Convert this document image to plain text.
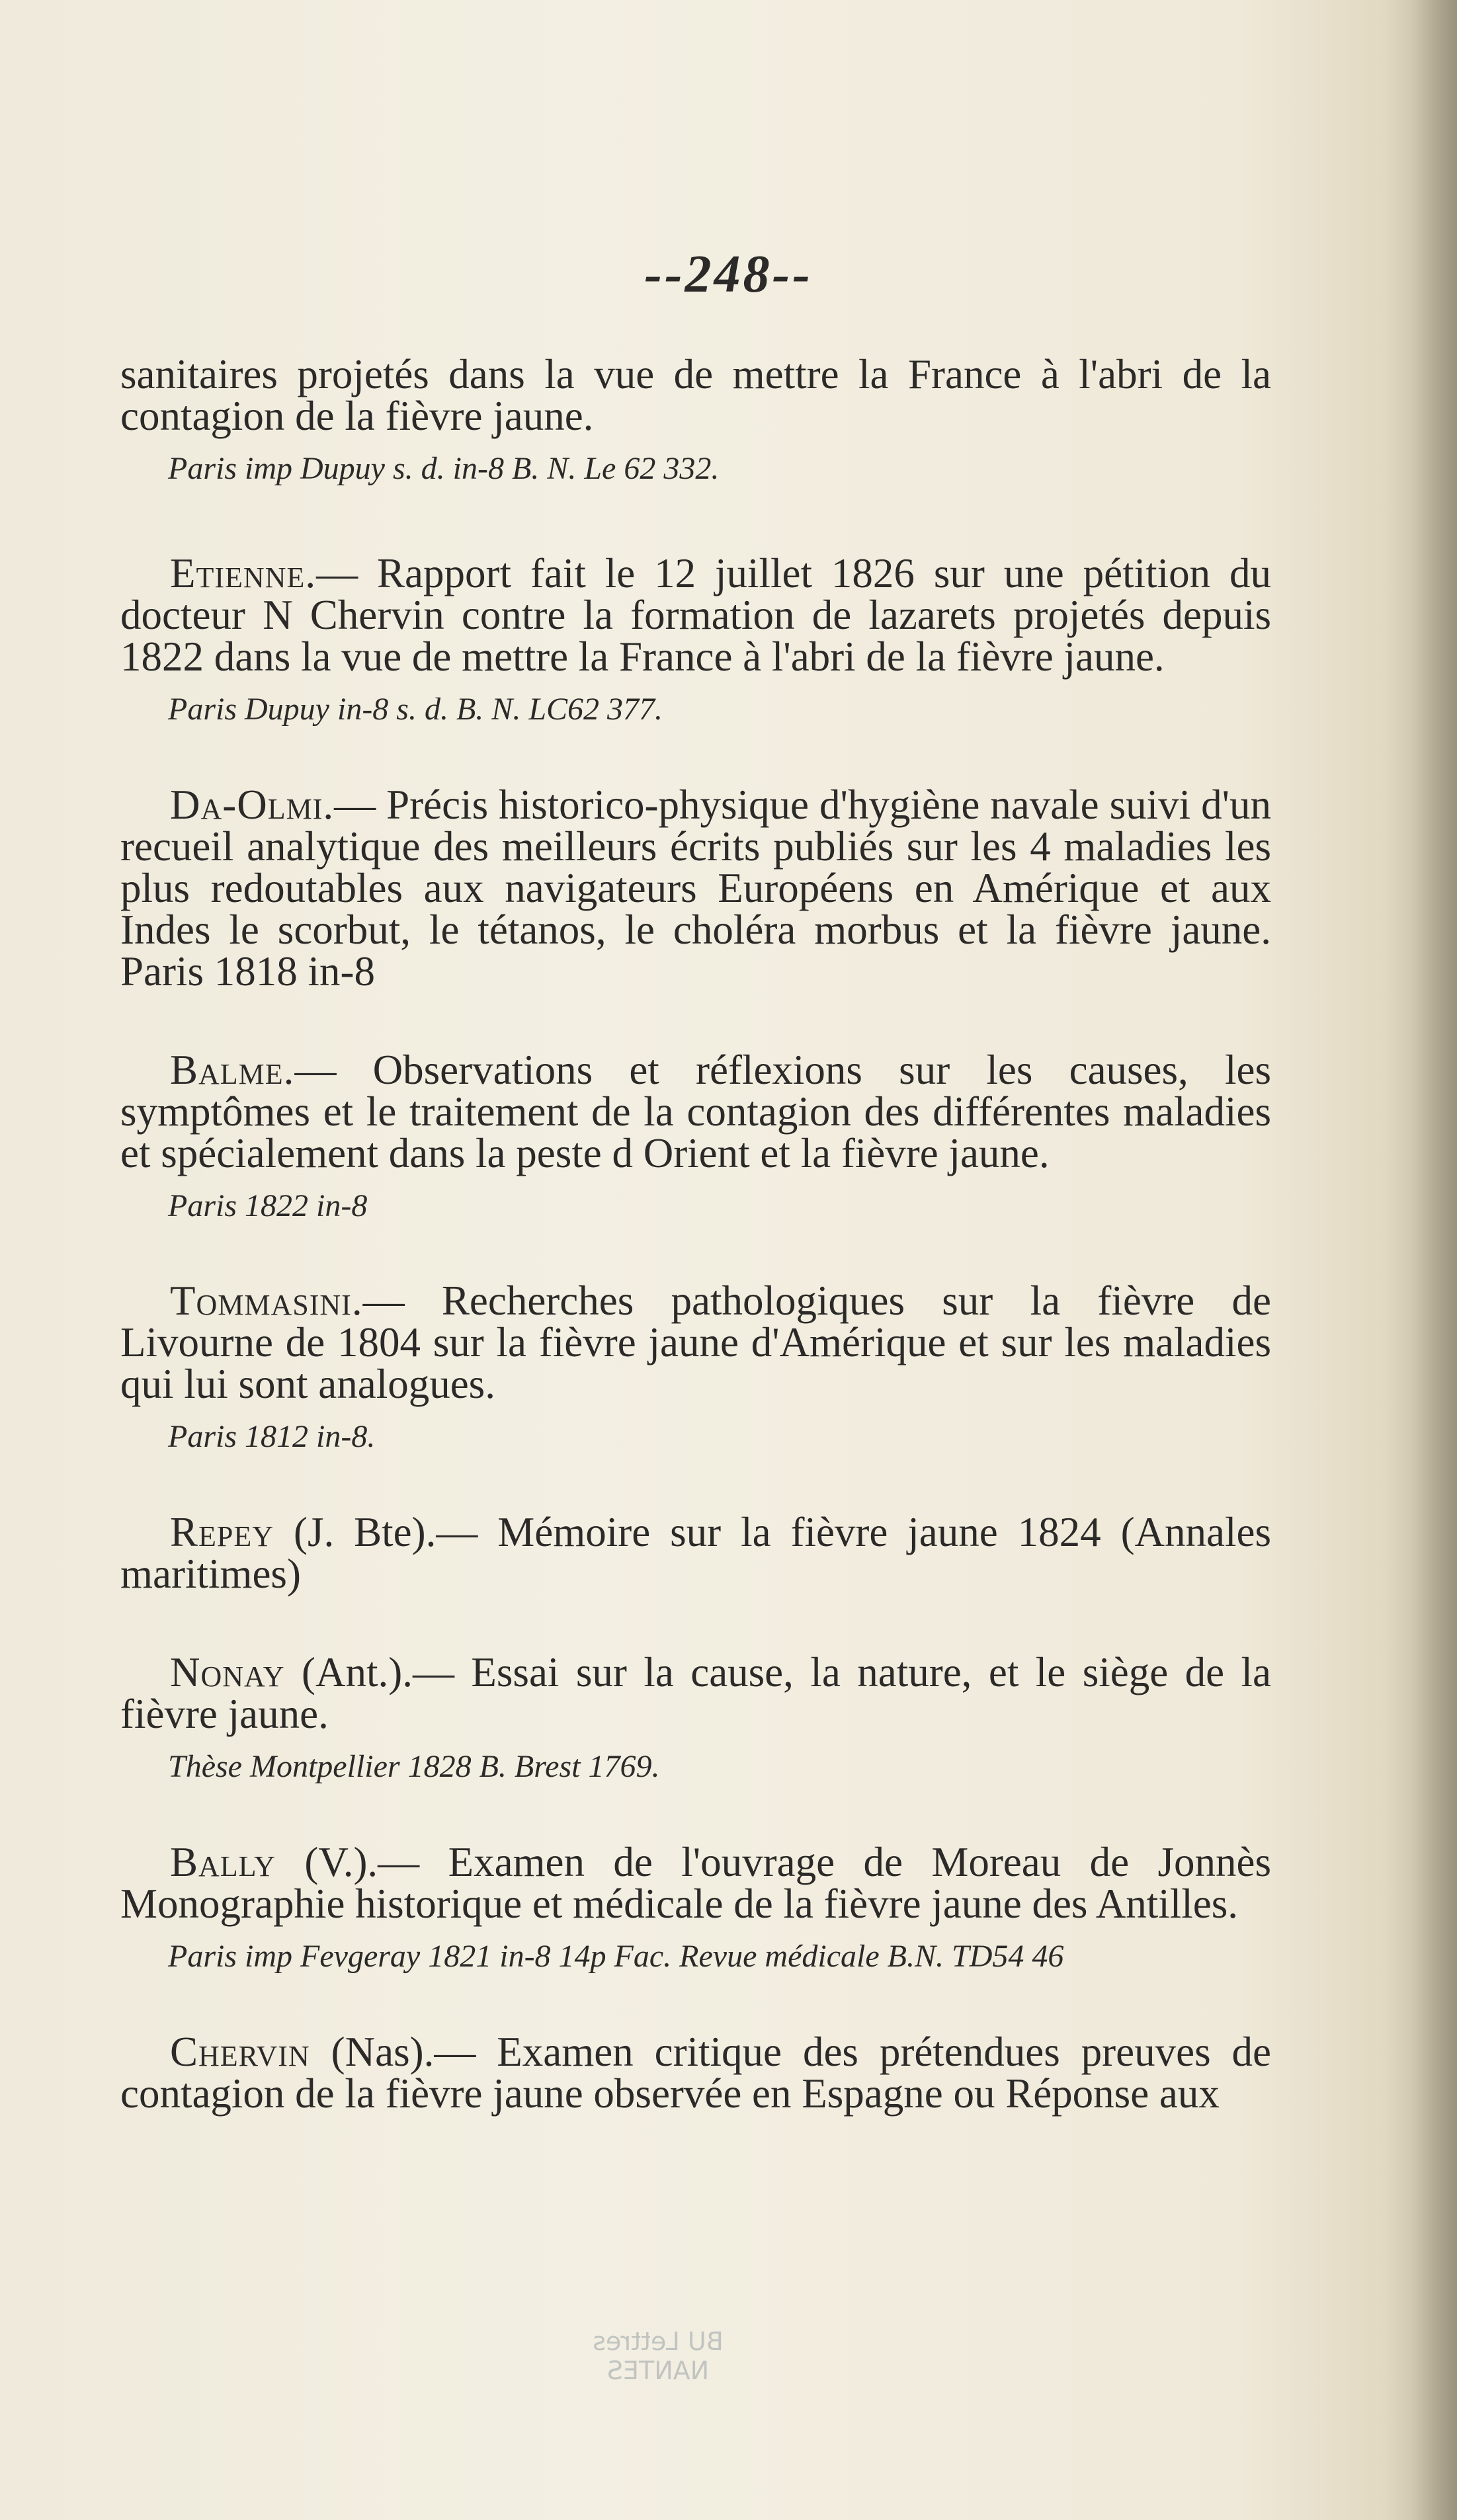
--248--

sanitaires projetés dans la vue de mettre la France à l'abri de la contagion de la fièvre jaune.

Paris imp Dupuy s. d. in-8 B. N. Le 62 332.

Etienne.— Rapport fait le 12 juillet 1826 sur une pétition du docteur N Chervin contre la formation de lazarets projetés depuis 1822 dans la vue de mettre la France à l'abri de la fièvre jaune.

Paris Dupuy in-8 s. d. B. N. LC62 377.

Da-Olmi.— Précis historico-physique d'hygiène navale suivi d'un recueil analytique des meilleurs écrits publiés sur les 4 maladies les plus redoutables aux navigateurs Européens en Amérique et aux Indes le scorbut, le tétanos, le choléra morbus et la fièvre jaune. Paris 1818 in-8

Balme.— Observations et réflexions sur les causes, les symptômes et le traitement de la contagion des différentes maladies et spécialement dans la peste d Orient et la fièvre jaune.

Paris 1822 in-8

Tommasini.— Recherches pathologiques sur la fièvre de Livourne de 1804 sur la fièvre jaune d'Amérique et sur les maladies qui lui sont analogues.

Paris 1812 in-8.

Repey (J. Bte).— Mémoire sur la fièvre jaune 1824 (Annales maritimes)

Nonay (Ant.).— Essai sur la cause, la nature, et le siège de la fièvre jaune.

Thèse Montpellier 1828 B. Brest 1769.

Bally (V.).— Examen de l'ouvrage de Moreau de Jonnès Monographie historique et médicale de la fièvre jaune des Antilles.

Paris imp Fevgeray 1821 in-8 14p Fac. Revue médicale B.N. TD54 46

Chervin (Nas).— Examen critique des prétendues preuves de contagion de la fièvre jaune observée en Espagne ou Réponse aux

BU Lettres
NANTES
